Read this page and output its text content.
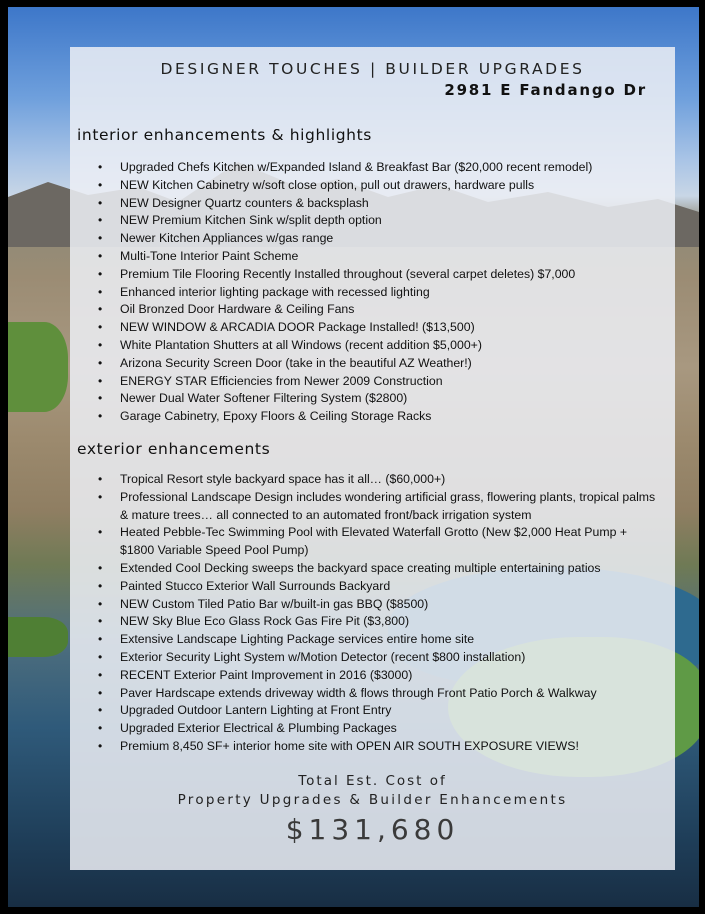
DESIGNER TOUCHES | BUILDER UPGRADES
2981 E Fandango Dr
interior enhancements & highlights
• Upgraded Chefs Kitchen w/Expanded Island & Breakfast Bar ($20,000 recent remodel)
• NEW Kitchen Cabinetry w/soft close option, pull out drawers, hardware pulls
• NEW Designer Quartz counters & backsplash
• NEW Premium Kitchen Sink w/split depth option
• Newer Kitchen Appliances w/gas range
• Multi-Tone Interior Paint Scheme
• Premium Tile Flooring Recently Installed throughout (several carpet deletes) $7,000
• Enhanced interior lighting package with recessed lighting
• Oil Bronzed Door Hardware & Ceiling Fans
• NEW WINDOW & ARCADIA DOOR Package Installed! ($13,500)
• White Plantation Shutters at all Windows (recent addition $5,000+)
• Arizona Security Screen Door (take in the beautiful AZ Weather!)
• ENERGY STAR Efficiencies from Newer 2009 Construction
• Newer Dual Water Softener Filtering System ($2800)
• Garage Cabinetry, Epoxy Floors & Ceiling Storage Racks
exterior enhancements
• Tropical Resort style backyard space has it all… ($60,000+)
• Professional Landscape Design includes wondering artificial grass, flowering plants, tropical palms & mature trees… all connected to an automated front/back irrigation system
• Heated Pebble-Tec Swimming Pool with Elevated Waterfall Grotto (New $2,000 Heat Pump + $1800 Variable Speed Pool Pump)
• Extended Cool Decking sweeps the backyard space creating multiple entertaining patios
• Painted Stucco Exterior Wall Surrounds Backyard
• NEW Custom Tiled Patio Bar w/built-in gas BBQ ($8500)
• NEW Sky Blue Eco Glass Rock Gas Fire Pit ($3,800)
• Extensive Landscape Lighting Package services entire home site
• Exterior Security Light System w/Motion Detector (recent $800 installation)
• RECENT Exterior Paint Improvement in 2016 ($3000)
• Paver Hardscape extends driveway width & flows through Front Patio Porch & Walkway
• Upgraded Outdoor Lantern Lighting at Front Entry
• Upgraded Exterior Electrical & Plumbing Packages
• Premium 8,450 SF+ interior home site with OPEN AIR SOUTH EXPOSURE VIEWS!
Total Est. Cost of
Property Upgrades & Builder Enhancements
$131,680
